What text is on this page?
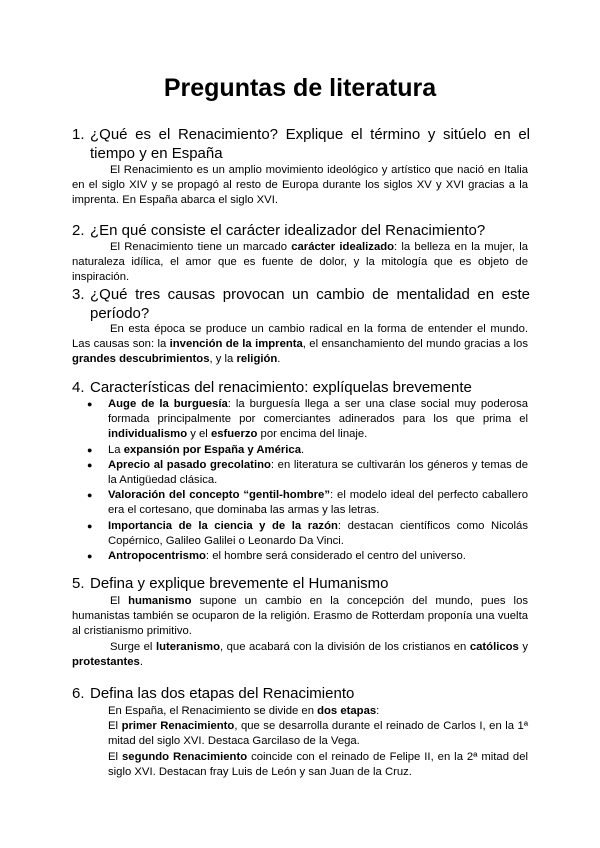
Preguntas de literatura
1. ¿Qué es el Renacimiento? Explique el término y sitúelo en el tiempo y en España

El Renacimiento es un amplio movimiento ideológico y artístico que nació en Italia en el siglo XIV y se propagó al resto de Europa durante los siglos XV y XVI gracias a la imprenta. En España abarca el siglo XVI.

2. ¿En qué consiste el carácter idealizador del Renacimiento?

El Renacimiento tiene un marcado carácter idealizado: la belleza en la mujer, la naturaleza idílica, el amor que es fuente de dolor, y la mitología que es objeto de inspiración.

3. ¿Qué tres causas provocan un cambio de mentalidad en este período?

En esta época se produce un cambio radical en la forma de entender el mundo. Las causas son: la invención de la imprenta, el ensanchamiento del mundo gracias a los grandes descubrimientos, y la religión.

4. Características del renacimiento: explíquelas brevemente
● Auge de la burguesía: la burguesía llega a ser una clase social muy poderosa formada principalmente por comerciantes adinerados para los que prima el individualismo y el esfuerzo por encima del linaje.
● La expansión por España y América.
● Aprecio al pasado grecolatino: en literatura se cultivarán los géneros y temas de la Antigüedad clásica.
● Valoración del concepto “gentil-hombre”: el modelo ideal del perfecto caballero era el cortesano, que dominaba las armas y las letras.
● Importancia de la ciencia y de la razón: destacan científicos como Nicolás Copérnico, Galileo Galilei o Leonardo Da Vinci.
● Antropocentrismo: el hombre será considerado el centro del universo.
5. Defina y explique brevemente el Humanismo

El humanismo supone un cambio en la concepción del mundo, pues los humanistas también se ocuparon de la religión. Erasmo de Rotterdam proponía una vuelta al cristianismo primitivo.

Surge el luteranismo, que acabará con la división de los cristianos en católicos y protestantes.

6. Defina las dos etapas del Renacimiento

En España, el Renacimiento se divide en dos etapas:

El primer Renacimiento, que se desarrolla durante el reinado de Carlos I, en la 1ª mitad del siglo XVI. Destaca Garcilaso de la Vega.

El segundo Renacimiento coincide con el reinado de Felipe II, en la 2ª mitad del siglo XVI. Destacan fray Luis de León y san Juan de la Cruz.
